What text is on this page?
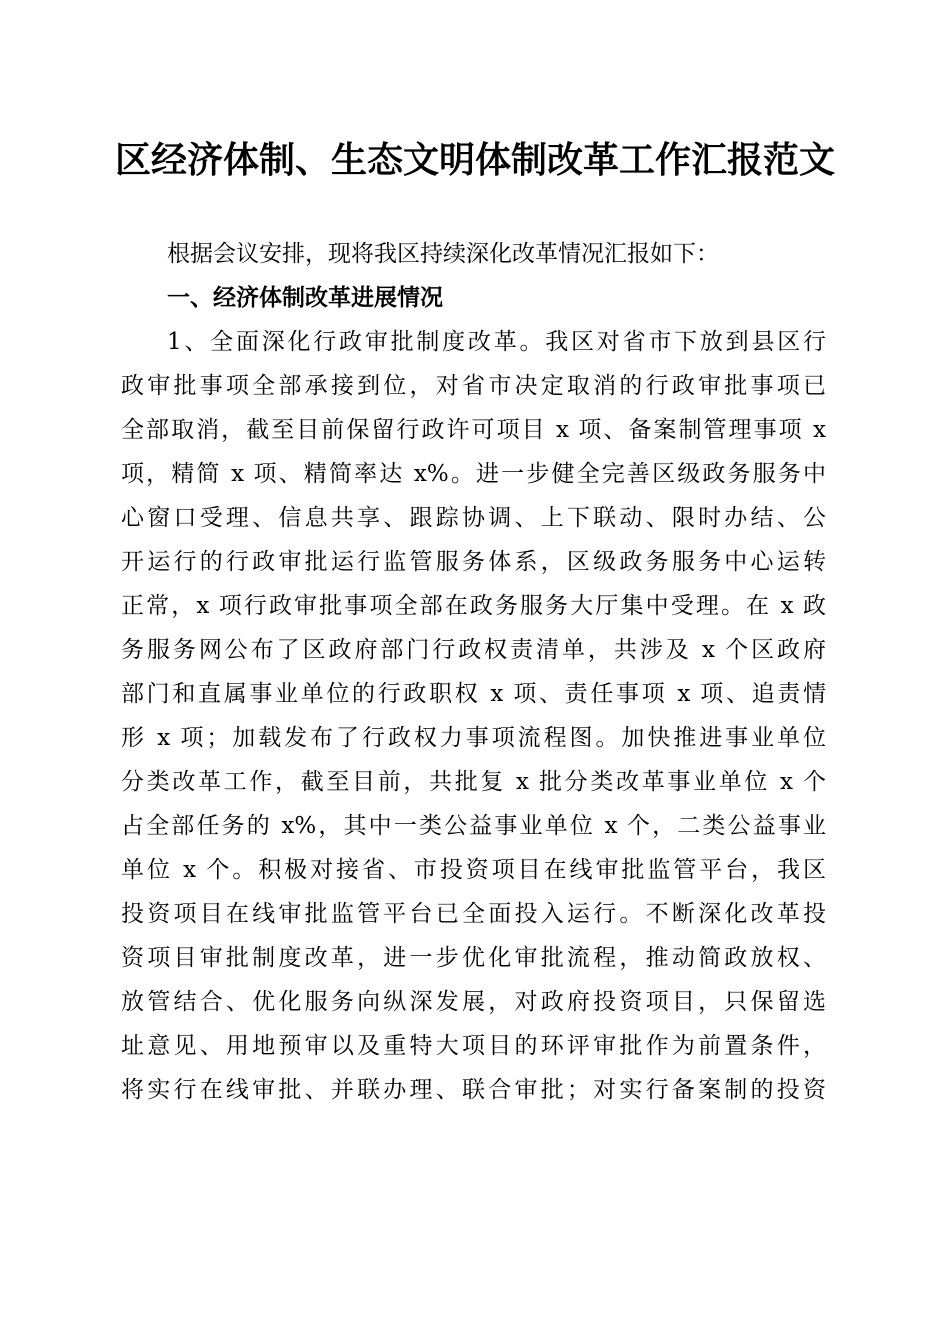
区经济体制、生态文明体制改革工作汇报范文

根据会议安排，现将我区持续深化改革情况汇报如下：

一、经济体制改革进展情况

1、全面深化行政审批制度改革。我区对省市下放到县区行

政审批事项全部承接到位，对省市决定取消的行政审批事项已

全部取消，截至目前保留行政许可项目 x 项、备案制管理事项 x

项，精简 x 项、精简率达 x%。进一步健全完善区级政务服务中

心窗口受理、信息共享、跟踪协调、上下联动、限时办结、公

开运行的行政审批运行监管服务体系，区级政务服务中心运转

正常，x 项行政审批事项全部在政务服务大厅集中受理。在 x 政

务服务网公布了区政府部门行政权责清单，共涉及 x 个区政府

部门和直属事业单位的行政职权 x 项、责任事项 x 项、追责情

形 x 项；加载发布了行政权力事项流程图。加快推进事业单位

分类改革工作，截至目前，共批复 x 批分类改革事业单位 x 个

占全部任务的 x%，其中一类公益事业单位 x 个，二类公益事业

单位 x 个。积极对接省、市投资项目在线审批监管平台，我区

投资项目在线审批监管平台已全面投入运行。不断深化改革投

资项目审批制度改革，进一步优化审批流程，推动简政放权、

放管结合、优化服务向纵深发展，对政府投资项目，只保留选

址意见、用地预审以及重特大项目的环评审批作为前置条件，

将实行在线审批、并联办理、联合审批；对实行备案制的投资
